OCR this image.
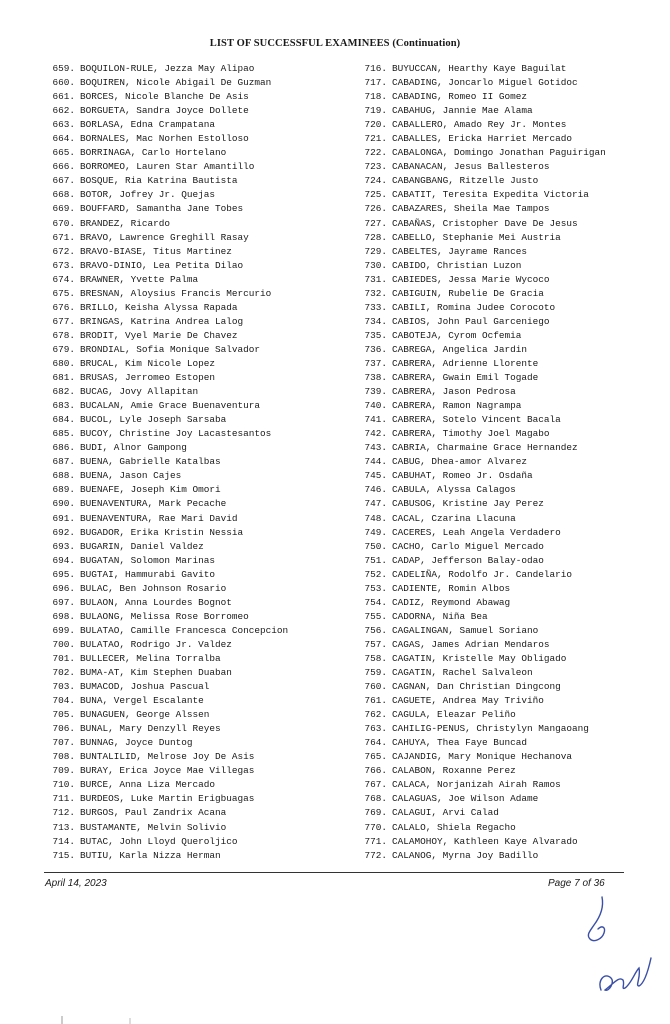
LIST OF SUCCESSFUL EXAMINEES (Continuation)
659. BOQUILON-RULE, Jezza May Alipao
660. BOQUIREN, Nicole Abigail De Guzman
661. BORCES, Nicole Blanche De Asis
662. BORGUETA, Sandra Joyce Dollete
663. BORLASA, Edna Crampatana
664. BORNALES, Mac Norhen Estolloso
665. BORRINAGA, Carlo Hortelano
666. BORROMEO, Lauren Star Amantillo
667. BOSQUE, Ria Katrina Bautista
668. BOTOR, Jofrey Jr. Quejas
669. BOUFFARD, Samantha Jane Tobes
670. BRANDEZ, Ricardo
671. BRAVO, Lawrence Greghill Rasay
672. BRAVO-BIASE, Titus Martinez
673. BRAVO-DINIO, Lea Petita Dilao
674. BRAWNER, Yvette Palma
675. BRESNAN, Aloysius Francis Mercurio
676. BRILLO, Keisha Alyssa Rapada
677. BRINGAS, Katrina Andrea Lalog
678. BRODIT, Vyel Marie De Chavez
679. BRONDIAL, Sofia Monique Salvador
680. BRUCAL, Kim Nicole Lopez
681. BRUSAS, Jerromeo Estopen
682. BUCAG, Jovy Allapitan
683. BUCALAN, Amie Grace Buenaventura
684. BUCOL, Lyle Joseph Sarsaba
685. BUCOY, Christine Joy Lacastesantos
686. BUDI, Alnor Gampong
687. BUENA, Gabrielle Katalbas
688. BUENA, Jason Cajes
689. BUENAFE, Joseph Kim Omori
690. BUENAVENTURA, Mark Pecache
691. BUENAVENTURA, Rae Mari David
692. BUGADOR, Erika Kristin Nessia
693. BUGARIN, Daniel Valdez
694. BUGATAN, Solomon Marinas
695. BUGTAI, Hammurabi Gavito
696. BULAC, Ben Johnson Rosario
697. BULAON, Anna Lourdes Bognot
698. BULAONG, Melissa Rose Borromeo
699. BULATAO, Camille Francesca Concepcion
700. BULATAO, Rodrigo Jr. Valdez
701. BULLECER, Melina Torralba
702. BUMA-AT, Kim Stephen Duaban
703. BUMACOD, Joshua Pascual
704. BUNA, Vergel Escalante
705. BUNAGUEN, George Alssen
706. BUNAL, Mary Denzyll Reyes
707. BUNNAG, Joyce Duntog
708. BUNTALILID, Melrose Joy De Asis
709. BURAY, Erica Joyce Mae Villegas
710. BURCE, Anna Liza Mercado
711. BURDEOS, Luke Martin Erigbuagas
712. BURGOS, Paul Zandrix Acana
713. BUSTAMANTE, Melvin Solivio
714. BUTAC, John Lloyd Queroljico
715. BUTIU, Karla Nizza Herman
716. BUYUCCAN, Hearthy Kaye Baguilat
717. CABADING, Joncarlo Miguel Gotidoc
718. CABADING, Romeo II Gomez
719. CABAHUG, Jannie Mae Alama
720. CABALLERO, Amado Rey Jr. Montes
721. CABALLES, Ericka Harriet Mercado
722. CABALONGA, Domingo Jonathan Paguirigan
723. CABANACAN, Jesus Ballesteros
724. CABANGBANG, Ritzelle Justo
725. CABATIT, Teresita Expedita Victoria
726. CABAZARES, Sheila Mae Tampos
727. CABAÑAS, Cristopher Dave De Jesus
728. CABELLO, Stephanie Mei Austria
729. CABELTES, Jayrame Rances
730. CABIDO, Christian Luzon
731. CABIEDES, Jessa Marie Wycoco
732. CABIGUIN, Rubelie De Gracia
733. CABILI, Romina Judee Corocoto
734. CABIOS, John Paul Garceniego
735. CABOTEJA, Cyrom Ocfemia
736. CABREGA, Angelica Jardin
737. CABRERA, Adrienne Llorente
738. CABRERA, Gwain Emil Togade
739. CABRERA, Jason Pedrosa
740. CABRERA, Ramon Nagrampa
741. CABRERA, Sotelo Vincent Bacala
742. CABRERA, Timothy Joel Magabo
743. CABRIA, Charmaine Grace Hernandez
744. CABUG, Dhea-amor Alvarez
745. CABUHAT, Romeo Jr. Osdaña
746. CABULA, Alyssa Calagos
747. CABUSOG, Kristine Jay Perez
748. CACAL, Czarina Llacuna
749. CACERES, Leah Angela Verdadero
750. CACHO, Carlo Miguel Mercado
751. CADAP, Jefferson Balay-odao
752. CADELIÑA, Rodolfo Jr. Candelario
753. CADIENTE, Romin Albos
754. CADIZ, Reymond Abawag
755. CADORNA, Niña Bea
756. CAGALINGAN, Samuel Soriano
757. CAGAS, James Adrian Mendaros
758. CAGATIN, Kristelle May Obligado
759. CAGATIN, Rachel Salvaleon
760. CAGNAN, Dan Christian Dingcong
761. CAGUETE, Andrea May Triviño
762. CAGULA, Eleazar Peliño
763. CAHILIG-PENUS, Christylyn Mangaoang
764. CAHUYA, Thea Faye Buncad
765. CAJANDIG, Mary Monique Hechanova
766. CALABON, Roxanne Perez
767. CALACA, Norjanizah Airah Ramos
768. CALAGUAS, Joe Wilson Adame
769. CALAGUI, Arvi Calad
770. CALALO, Shiela Regacho
771. CALAMOHOY, Kathleen Kaye Alvarado
772. CALANOG, Myrna Joy Badillo
April 14, 2023	Page 7 of 36
